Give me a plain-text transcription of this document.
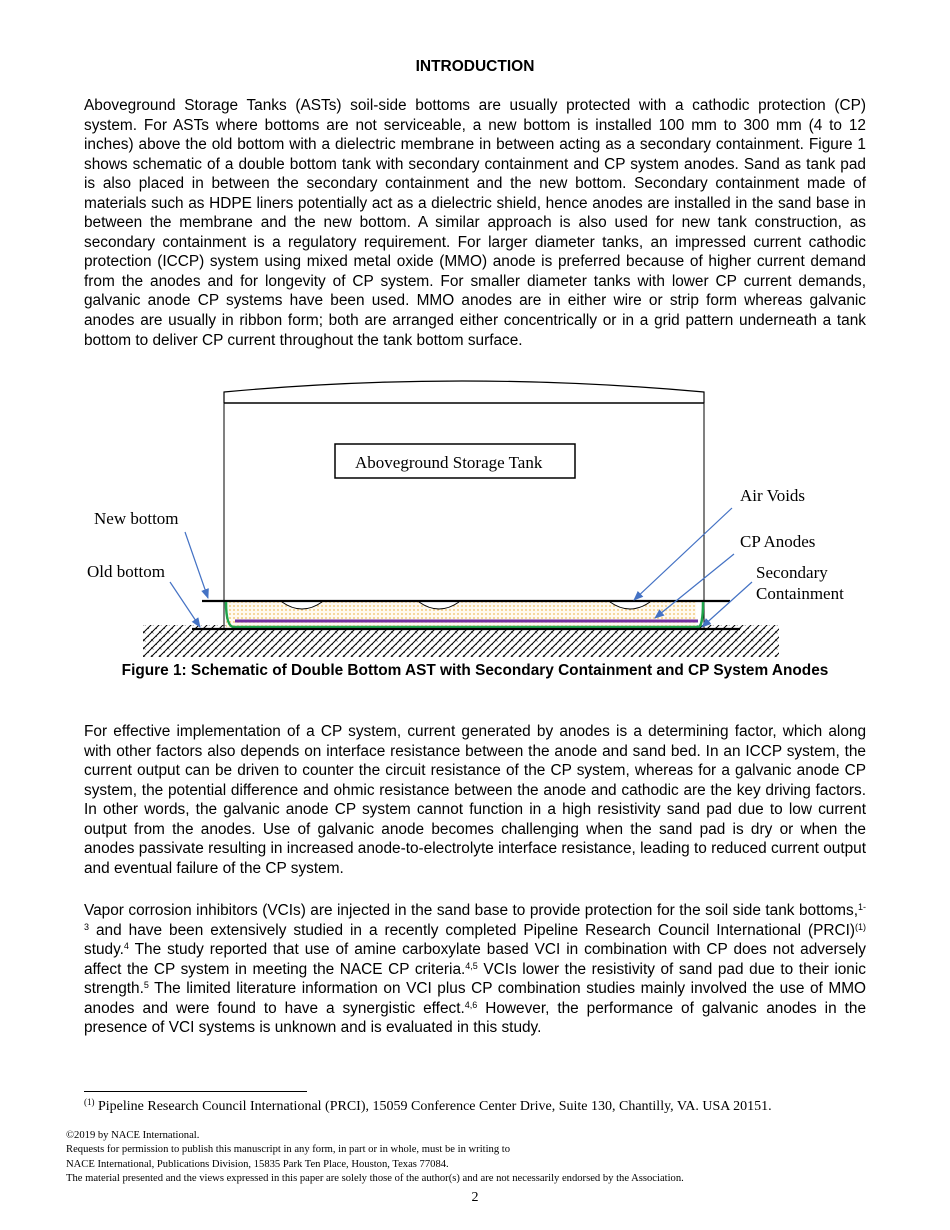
INTRODUCTION

Aboveground Storage Tanks (ASTs) soil-side bottoms are usually protected with a cathodic protection (CP) system. For ASTs where bottoms are not serviceable, a new bottom is installed 100 mm to 300 mm (4 to 12 inches) above the old bottom with a dielectric membrane in between acting as a secondary containment. Figure 1 shows schematic of a double bottom tank with secondary containment and CP system anodes. Sand as tank pad is also placed in between the secondary containment and the new bottom. Secondary containment made of materials such as HDPE liners potentially act as a dielectric shield, hence anodes are installed in the sand base in between the membrane and the new bottom. A similar approach is also used for new tank construction, as secondary containment is a regulatory requirement. For larger diameter tanks, an impressed current cathodic protection (ICCP) system using mixed metal oxide (MMO) anode is preferred because of higher current demand from the anodes and for longevity of CP system. For smaller diameter tanks with lower CP current demands, galvanic anode CP systems have been used. MMO anodes are in either wire or strip form whereas galvanic anodes are usually in ribbon form; both are arranged either concentrically or in a grid pattern underneath a tank bottom to deliver CP current throughout the tank bottom surface.

Aboveground Storage Tank
New bottom
Old bottom
Air Voids
CP Anodes
Secondary
Containment
Figure 1: Schematic of Double Bottom AST with Secondary Containment and CP System Anodes

For effective implementation of a CP system, current generated by anodes is a determining factor, which along with other factors also depends on interface resistance between the anode and sand bed. In an ICCP system, the current output can be driven to counter the circuit resistance of the CP system, whereas for a galvanic anode CP system, the potential difference and ohmic resistance between the anode and cathodic are the key driving factors. In other words, the galvanic anode CP system cannot function in a high resistivity sand pad due to low current output from the anodes. Use of galvanic anode becomes challenging when the sand pad is dry or when the anodes passivate resulting in increased anode-to-electrolyte interface resistance, leading to reduced current output and eventual failure of the CP system.

Vapor corrosion inhibitors (VCIs) are injected in the sand base to provide protection for the soil side tank bottoms,$^{1-3}$ and have been extensively studied in a recently completed Pipeline Research Council International (PRCI)$^{(1)}$ study.$^4$ The study reported that use of amine carboxylate based VCI in combination with CP does not adversely affect the CP system in meeting the NACE CP criteria.$^{4,5}$ VCIs lower the resistivity of sand pad due to their ionic strength.$^5$ The limited literature information on VCI plus CP combination studies mainly involved the use of MMO anodes and were found to have a synergistic effect.$^{4,6}$ However, the performance of galvanic anodes in the presence of VCI systems is unknown and is evaluated in this study.

$^{(1)}$ Pipeline Research Council International (PRCI), 15059 Conference Center Drive, Suite 130, Chantilly, VA. USA 20151.
©2019 by NACE International.
Requests for permission to publish this manuscript in any form, in part or in whole, must be in writing to
NACE International, Publications Division, 15835 Park Ten Place, Houston, Texas 77084.
The material presented and the views expressed in this paper are solely those of the author(s) and are not necessarily endorsed by the Association.
2
